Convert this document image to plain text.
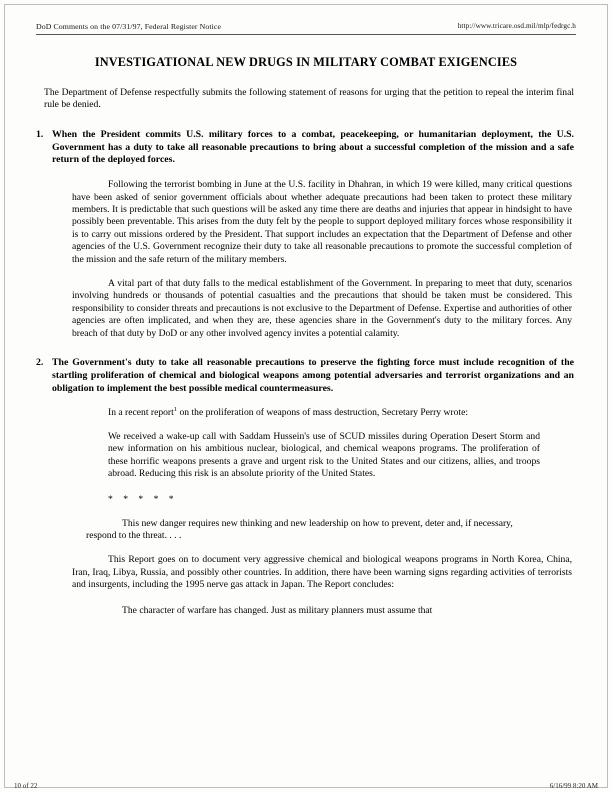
DoD Comments on the 07/31/97, Federal Register Notice	http://www.tricare.osd.mil/mlp/fedrgc.h
INVESTIGATIONAL NEW DRUGS IN MILITARY COMBAT EXIGENCIES

The Department of Defense respectfully submits the following statement of reasons for urging that the petition to repeal the interim final rule be denied.

1. When the President commits U.S. military forces to a combat, peacekeeping, or humanitarian deployment, the U.S. Government has a duty to take all reasonable precautions to bring about a successful completion of the mission and a safe return of the deployed forces.

Following the terrorist bombing in June at the U.S. facility in Dhahran, in which 19 were killed, many critical questions have been asked of senior government officials about whether adequate precautions had been taken to protect these military members. It is predictable that such questions will be asked any time there are deaths and injuries that appear in hindsight to have possibly been preventable. This arises from the duty felt by the people to support deployed military forces whose responsibility it is to carry out missions ordered by the President. That support includes an expectation that the Department of Defense and other agencies of the U.S. Government recognize their duty to take all reasonable precautions to promote the successful completion of the mission and the safe return of the military members.

A vital part of that duty falls to the medical establishment of the Government. In preparing to meet that duty, scenarios involving hundreds or thousands of potential casualties and the precautions that should be taken must be considered. This responsibility to consider threats and precautions is not exclusive to the Department of Defense. Expertise and authorities of other agencies are often implicated, and when they are, these agencies share in the Government's duty to the military forces. Any breach of that duty by DoD or any other involved agency invites a potential calamity.

2. The Government's duty to take all reasonable precautions to preserve the fighting force must include recognition of the startling proliferation of chemical and biological weapons among potential adversaries and terrorist organizations and an obligation to implement the best possible medical countermeasures.

In a recent report$^1$ on the proliferation of weapons of mass destruction, Secretary Perry wrote:

We received a wake-up call with Saddam Hussein's use of SCUD missiles during Operation Desert Storm and new information on his ambitious nuclear, biological, and chemical weapons programs. The proliferation of these horrific weapons presents a grave and urgent risk to the United States and our citizens, allies, and troops abroad. Reducing this risk is an absolute priority of the United States.

* * * * *

This new danger requires new thinking and new leadership on how to prevent, deter and, if necessary, respond to the threat. . . .

This Report goes on to document very aggressive chemical and biological weapons programs in North Korea, China, Iran, Iraq, Libya, Russia, and possibly other countries. In addition, there have been warning signs regarding activities of terrorists and insurgents, including the 1995 nerve gas attack in Japan. The Report concludes:

The character of warfare has changed. Just as military planners must assume that

10 of 22	6/16/99 8:20 AM
